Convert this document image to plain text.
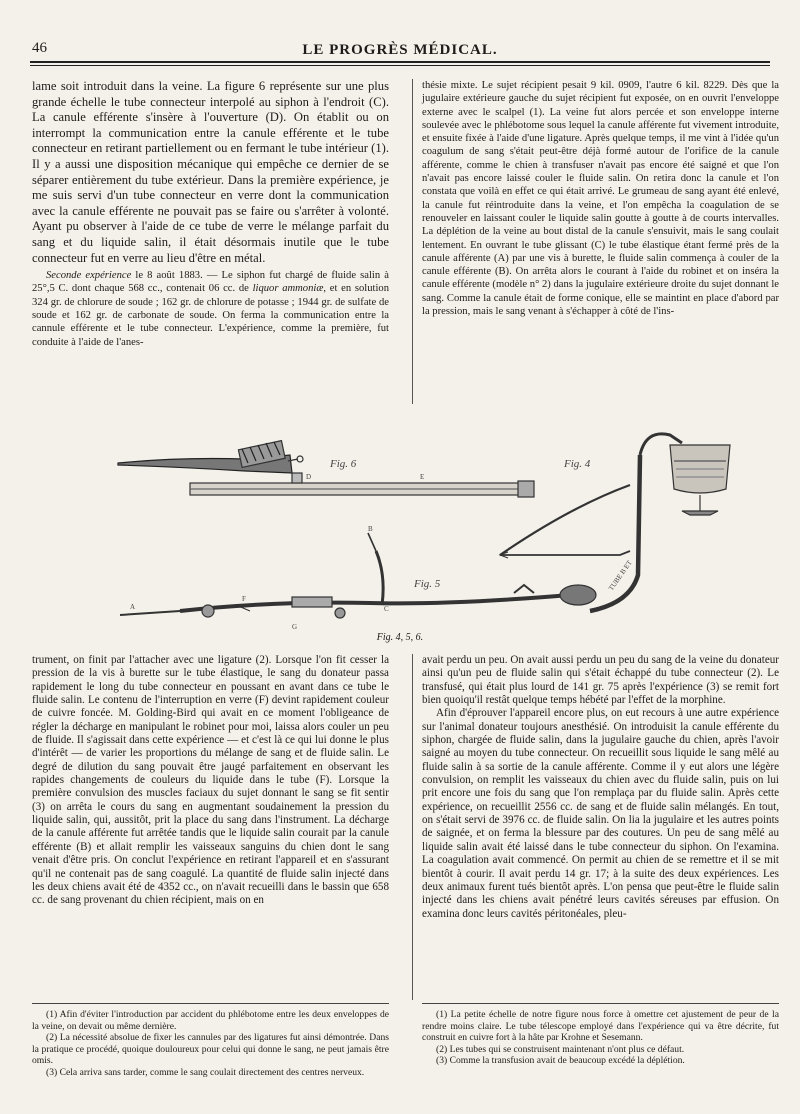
46	LE PROGRÈS MÉDICAL.

lame soit introduit dans la veine. La figure 6 représente sur une plus grande échelle le tube connecteur interpolé au siphon à l'endroit (C). La canule efférente s'insère à l'ouverture (D). On établit ou on interrompt la communication entre la canule efférente et le tube connecteur en retirant partiellement ou en fermant le tube intérieur (1). Il y a aussi une disposition mécanique qui empêche ce dernier de se séparer entièrement du tube extérieur. Dans la première expérience, je me suis servi d'un tube connecteur en verre dont la communication avec la canule efférente ne pouvait pas se faire ou s'arrêter à volonté. Ayant pu observer à l'aide de ce tube de verre le mélange parfait du sang et du liquide salin, il était désormais inutile que le tube connecteur fut en verre au lieu d'être en métal.

Seconde expérience le 8 août 1883. — Le siphon fut chargé de fluide salin à 25°,5 C. dont chaque 568 cc., contenait 06 cc. de liquor ammoniæ, et en solution 324 gr. de chlorure de soude ; 162 gr. de chlorure de potasse ; 1944 gr. de sulfate de soude et 162 gr. de carbonate de soude. On ferma la communication entre la cannule efférente et le tube connecteur. L'expérience, comme la première, fut conduite à l'aide de l'anes-

thésie mixte. Le sujet récipient pesait 9 kil. 0909, l'autre 6 kil. 8229. Dès que la jugulaire extérieure gauche du sujet récipient fut exposée, on en ouvrit l'enveloppe externe avec le scalpel (1). La veine fut alors percée et son enveloppe interne soulevée avec le phlébotome sous lequel la canule afférente fut vivement introduite, et ensuite fixée à l'aide d'une ligature. Après quelque temps, il me vint à l'idée qu'un coagulum de sang s'était peut-être déjà formé autour de l'orifice de la canule afférente, comme le chien à transfuser n'avait pas encore été saigné et que l'on n'avait pas encore laissé couler le fluide salin. On retira donc la canule et l'on constata que voilà en effet ce qui était arrivé. Le grumeau de sang ayant été enlevé, la canule fut réintroduite dans la veine, et l'on empêcha la coagulation de se renouveler en laissant couler le liquide salin goutte à goutte à de courts intervalles. La déplétion de la veine au bout distal de la canule s'ensuivit, mais le sang coulait lentement. En ouvrant le tube glissant (C) le tube élastique étant fermé près de la canule afférente (A) par une vis à burette, le fluide salin commença à couler de la canule efférente (B). On arrêta alors le courant à l'aide du robinet et on inséra la canule efférente (modèle n° 2) dans la jugulaire extérieure droite du sujet donnant le sang. Comme la canule était de forme conique, elle se maintint en place d'abord par la pression, mais le sang venant à s'échapper à côté de l'ins-

Fig. 6	Fig. 4
Fig. 5
A
B
C
D	E
F
G
TUBE B ET
Fig. 4, 5, 6.

trument, on finit par l'attacher avec une ligature (2). Lorsque l'on fit cesser la pression de la vis à burette sur le tube élastique, le sang du donateur passa rapidement le long du tube connecteur en poussant en avant dans ce tube le fluide salin. Le contenu de l'interruption en verre (F) devint rapidement couleur de cuivre foncée. M. Golding-Bird qui avait en ce moment l'obligeance de régler la décharge en manipulant le robinet pour moi, laissa alors couler un peu de fluide. Il s'agissait dans cette expérience — et c'est là ce qui lui donne le plus d'intérêt — de varier les proportions du mélange de sang et de fluide salin. Le degré de dilution du sang pouvait être jaugé parfaitement en observant les rapides changements de couleurs du liquide dans le tube (F). Lorsque la première convulsion des muscles faciaux du sujet donnant le sang se fit sentir (3) on arrêta le cours du sang en augmentant soudainement la pression du liquide salin, qui, aussitôt, prit la place du sang dans l'instrument. La décharge de la canule afférente fut arrêtée tandis que le liquide salin courait par la canule efférente (B) et allait remplir les vaisseaux sanguins du chien dont le sang venait d'être pris. On conclut l'expérience en retirant l'appareil et en s'assurant qu'il ne contenait pas de sang coagulé. La quantité de fluide salin injecté dans les deux chiens avait été de 4352 cc., on n'avait recueilli dans le bassin que 658 cc. de sang provenant du chien récipient, mais on en

avait perdu un peu. On avait aussi perdu un peu du sang de la veine du donateur ainsi qu'un peu de fluide salin qui s'était échappé du tube connecteur (2). Le transfusé, qui était plus lourd de 141 gr. 75 après l'expérience (3) se remit fort bien quoiqu'il restât quelque temps hébété par l'effet de la morphine.

Afin d'éprouver l'appareil encore plus, on eut recours à une autre expérience sur l'animal donateur toujours anesthésié. On introduisit la canule efférente du siphon, chargée de fluide salin, dans la jugulaire gauche du chien, après l'avoir saigné au moyen du tube connecteur. On recueillit sous liquide le sang mêlé au fluide salin à sa sortie de la canule afférente. Comme il y eut alors une légère convulsion, on remplit les vaisseaux du chien avec du fluide salin, puis on lui prit encore une fois du sang que l'on remplaça par du fluide salin. Après cette expérience, on recueillit 2556 cc. de sang et de fluide salin mélangés. En tout, on s'était servi de 3976 cc. de fluide salin. On lia la jugulaire et les autres points de saignée, et on ferma la blessure par des coutures. Un peu de sang mêlé au liquide salin avait été laissé dans le tube connecteur du siphon. On l'examina. La coagulation avait commencé. On permit au chien de se remettre et il se mit bientôt à courir. Il avait perdu 14 gr. 17; à la suite des deux expériences. Les deux animaux furent tués bientôt après. L'on pensa que peut-être le fluide salin injecté dans les chiens avait pénétré leurs cavités séreuses par effusion. On examina donc leurs cavités péritonéales, pleu-

(1) Afin d'éviter l'introduction par accident du phlébotome entre les deux enveloppes de la veine, on devait ou même dernière.

(2) La nécessité absolue de fixer les cannules par des ligatures fut ainsi démontrée. Dans la pratique ce procédé, quoique douloureux pour celui qui donne le sang, ne peut jamais être omis.

(3) Cela arriva sans tarder, comme le sang coulait directement des centres nerveux.

(1) La petite échelle de notre figure nous force à omettre cet ajustement de peur de la rendre moins claire. Le tube télescope employé dans l'expérience qui va être décrite, fut construit en cuivre fort à la hâte par Krohne et Sesemann.

(2) Les tubes qui se construisent maintenant n'ont plus ce défaut.

(3) Comme la transfusion avait de beaucoup excédé la déplétion.
